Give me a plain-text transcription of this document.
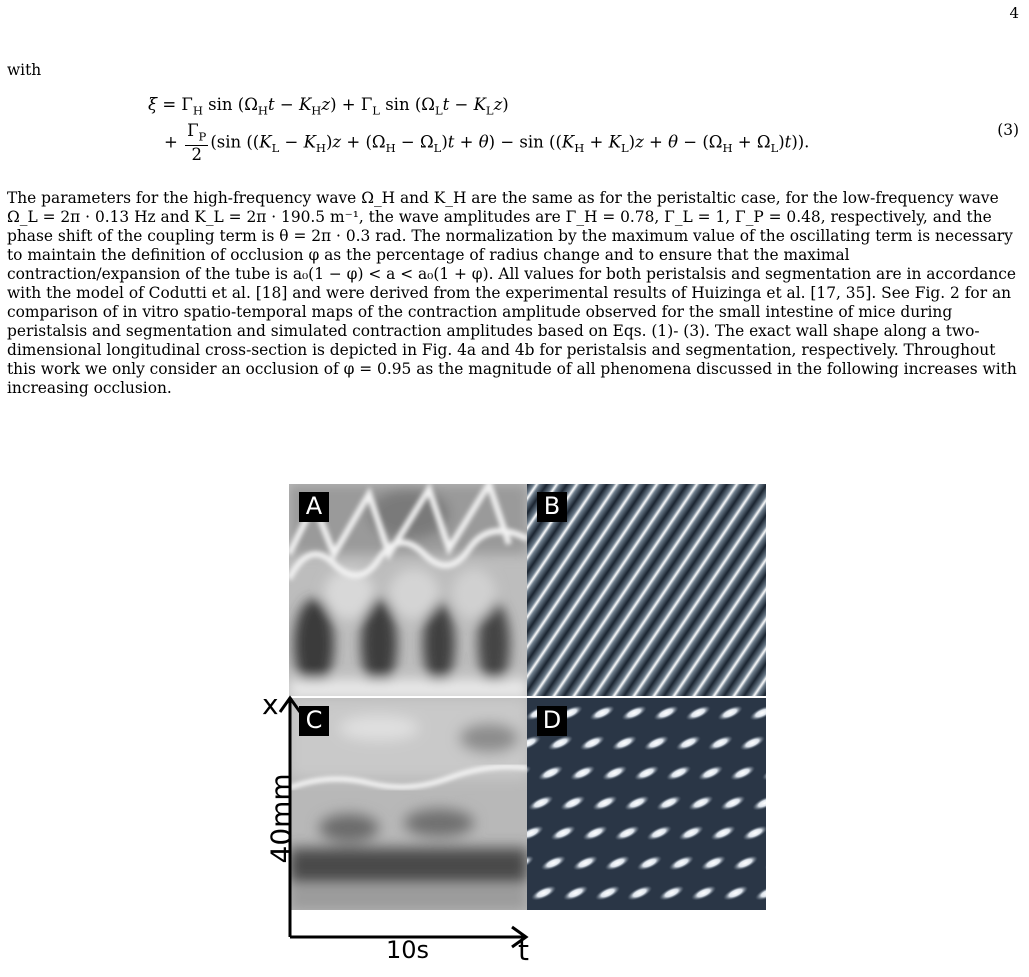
4
with
$\xi = \Gamma_H$ $\sin (\Omega_Ht - K_Hz) + \Gamma_L$ $\sin (\Omega_Lt - K_Lz)$
+ $\frac{\Gamma_P}{2} (\sin$ $((K_L - K_H)z + (\Omega_H - \Omega_L)t + \theta) - \sin ((K_H + K_L)z + \theta - (\Omega_H + \Omega_L)t)$).
(3)
The parameters for the high-frequency wave Ω_H and K_H are the same as for the peristaltic case, for the low-frequency wave Ω_L = 2π · 0.13 Hz and K_L = 2π · 190.5 m⁻¹, the wave amplitudes are Γ_H = 0.78, Γ_L = 1, Γ_P = 0.48, respectively, and the phase shift of the coupling term is θ = 2π · 0.3 rad. The normalization by the maximum value of the oscillating term is necessary to maintain the definition of occlusion φ as the percentage of radius change and to ensure that the maximal contraction/expansion of the tube is a₀(1 − φ) < a < a₀(1 + φ). All values for both peristalsis and segmentation are in accordance with the model of Codutti et al. [18] and were derived from the experimental results of Huizinga et al. [17, 35]. See Fig. 2 for an comparison of in vitro spatio-temporal maps of the contraction amplitude observed for the small intestine of mice during peristalsis and segmentation and simulated contraction amplitudes based on Eqs. (1)- (3). The exact wall shape along a two-dimensional longitudinal cross-section is depicted in Fig. 4a and 4b for peristalsis and segmentation, respectively. Throughout this work we only consider an occlusion of φ = 0.95 as the magnitude of all phenomena discussed in the following increases with increasing occlusion.
A	B
C	D
x
t
40mm
10s
